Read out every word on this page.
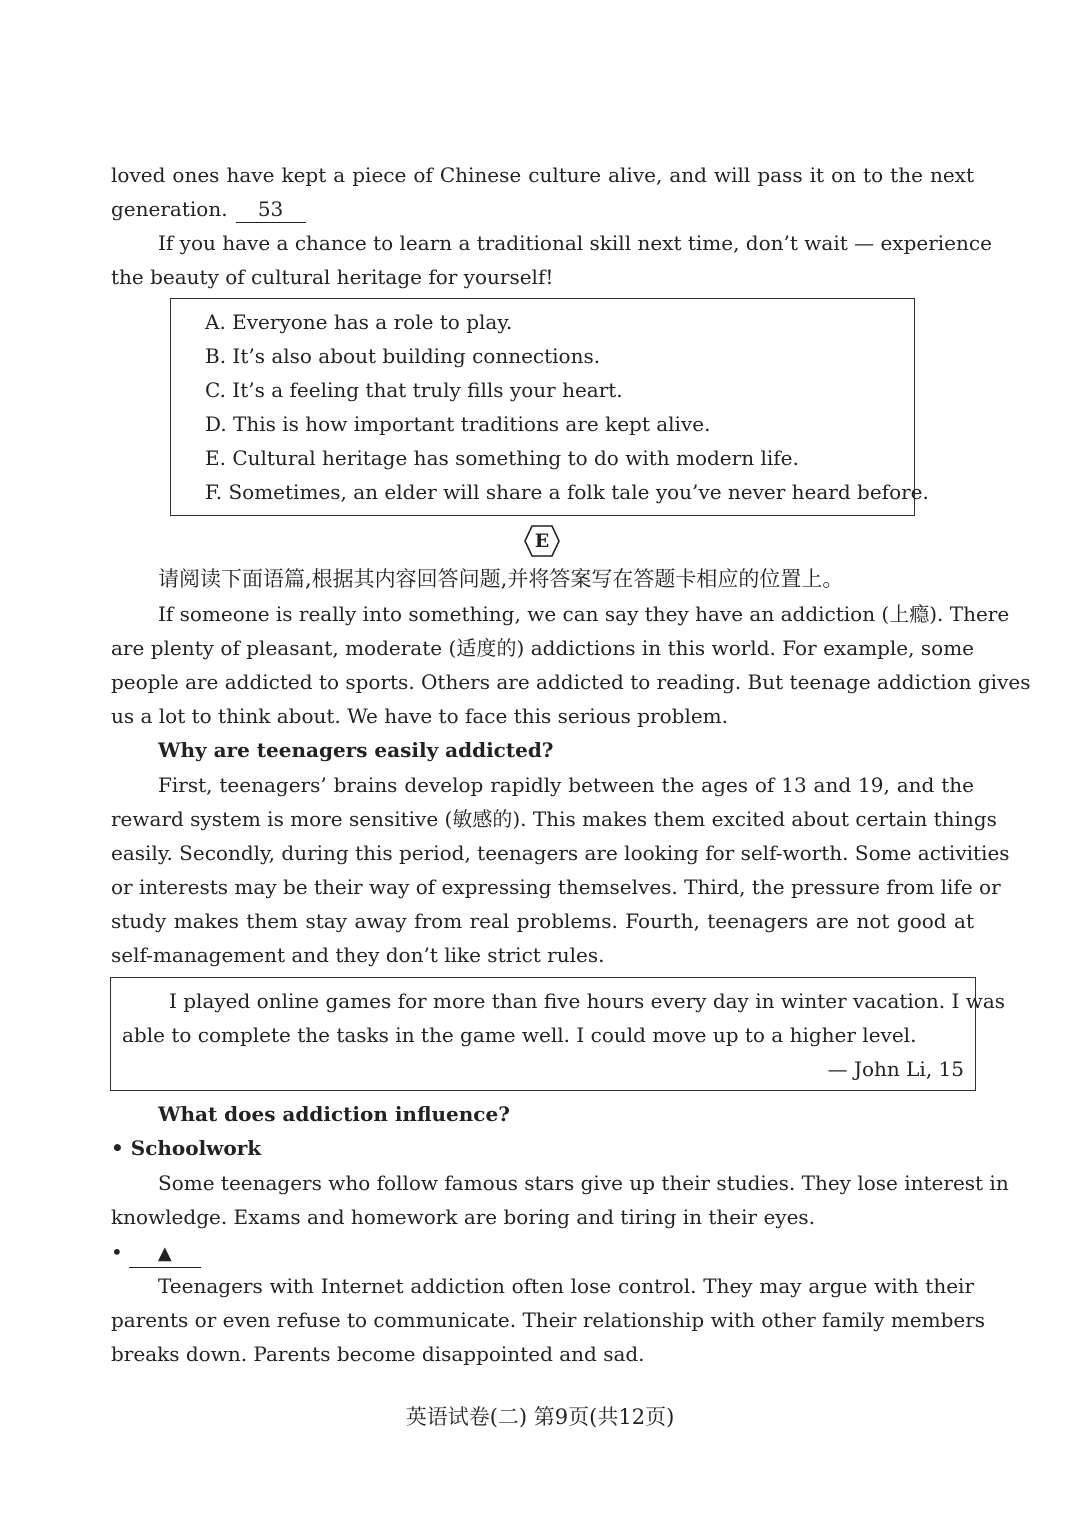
loved ones have kept a piece of Chinese culture alive, and will pass it on to the next
generation. 53
If you have a chance to learn a traditional skill next time, don’t wait — experience
the beauty of cultural heritage for yourself!
A. Everyone has a role to play.
B. It’s also about building connections.
C. It’s a feeling that truly fills your heart.
D. This is how important traditions are kept alive.
E. Cultural heritage has something to do with modern life.
F. Sometimes, an elder will share a folk tale you’ve never heard before.
E
请阅读下面语篇,根据其内容回答问题,并将答案写在答题卡相应的位置上。
If someone is really into something, we can say they have an addiction (上瘾). There
are plenty of pleasant, moderate (适度的) addictions in this world. For example, some
people are addicted to sports. Others are addicted to reading. But teenage addiction gives
us a lot to think about. We have to face this serious problem.
Why are teenagers easily addicted?
First, teenagers’ brains develop rapidly between the ages of 13 and 19, and the
reward system is more sensitive (敏感的). This makes them excited about certain things
easily. Secondly, during this period, teenagers are looking for self-worth. Some activities
or interests may be their way of expressing themselves. Third, the pressure from life or
study makes them stay away from real problems. Fourth, teenagers are not good at
self-management and they don’t like strict rules.
I played online games for more than five hours every day in winter vacation. I was
able to complete the tasks in the game well. I could move up to a higher level.
— John Li, 15
What does addiction influence?
• Schoolwork
Some teenagers who follow famous stars give up their studies. They lose interest in
knowledge. Exams and homework are boring and tiring in their eyes.
• ▲
Teenagers with Internet addiction often lose control. They may argue with their
parents or even refuse to communicate. Their relationship with other family members
breaks down. Parents become disappointed and sad.
英语试卷(二) 第9页(共12页)
